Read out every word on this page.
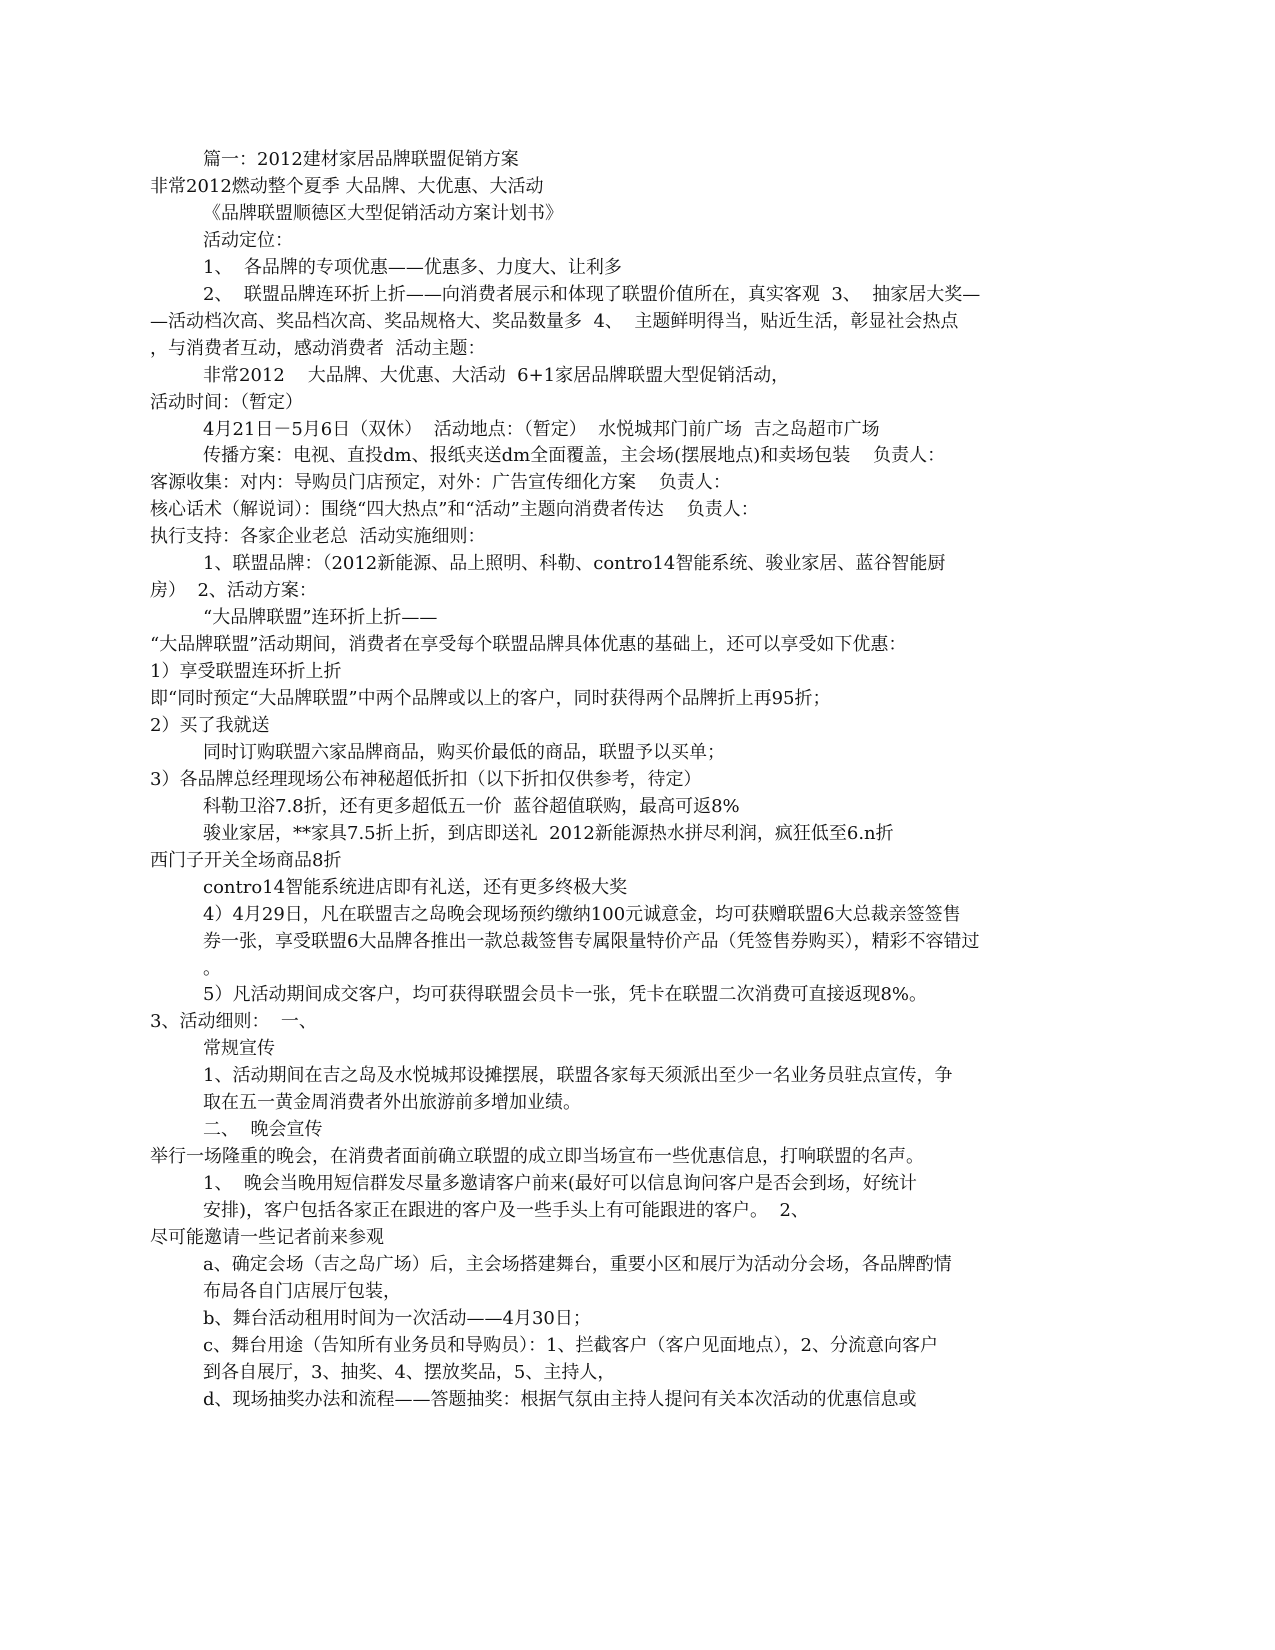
篇一：2012建材家居品牌联盟促销方案
非常2012燃动整个夏季 大品牌、大优惠、大活动
《品牌联盟顺德区大型促销活动方案计划书》
活动定位：
1、  各品牌的专项优惠——优惠多、力度大、让利多
2、  联盟品牌连环折上折——向消费者展示和体现了联盟价值所在，真实客观  3、  抽家居大奖—
—活动档次高、奖品档次高、奖品规格大、奖品数量多  4、  主题鲜明得当，贴近生活，彰显社会热点
，与消费者互动，感动消费者  活动主题：
非常2012    大品牌、大优惠、大活动  6+1家居品牌联盟大型促销活动，
活动时间：（暂定）
4月21日－5月6日（双休）  活动地点：（暂定）  水悦城邦门前广场  吉之岛超市广场
传播方案：电视、直投dm、报纸夹送dm全面覆盖，主会场(摆展地点)和卖场包装    负责人：
客源收集：对内：导购员门店预定，对外：广告宣传细化方案    负责人：
核心话术（解说词）：围绕“四大热点”和“活动”主题向消费者传达    负责人：
执行支持：各家企业老总  活动实施细则：
1、联盟品牌：（2012新能源、品上照明、科勒、contro14智能系统、骏业家居、蓝谷智能厨
房）  2、活动方案：
“大品牌联盟”连环折上折——
“大品牌联盟”活动期间，消费者在享受每个联盟品牌具体优惠的基础上，还可以享受如下优惠：
1）享受联盟连环折上折
即“同时预定“大品牌联盟”中两个品牌或以上的客户，同时获得两个品牌折上再95折；
2）买了我就送
同时订购联盟六家品牌商品，购买价最低的商品，联盟予以买单；
3）各品牌总经理现场公布神秘超低折扣（以下折扣仅供参考，待定）
科勒卫浴7.8折，还有更多超低五一价  蓝谷超值联购，最高可返8%
骏业家居，**家具7.5折上折，到店即送礼  2012新能源热水拼尽利润，疯狂低至6.n折
西门子开关全场商品8折
contro14智能系统进店即有礼送，还有更多终极大奖
4）4月29日，凡在联盟吉之岛晚会现场预约缴纳100元诚意金，均可获赠联盟6大总裁亲签签售
券一张，享受联盟6大品牌各推出一款总裁签售专属限量特价产品（凭签售券购买），精彩不容错过
。
5）凡活动期间成交客户，均可获得联盟会员卡一张，凭卡在联盟二次消费可直接返现8%。
3、活动细则：  一、
常规宣传
1、活动期间在吉之岛及水悦城邦设摊摆展，联盟各家每天须派出至少一名业务员驻点宣传，争
取在五一黄金周消费者外出旅游前多增加业绩。
二、  晚会宣传
举行一场隆重的晚会，在消费者面前确立联盟的成立即当场宣布一些优惠信息，打响联盟的名声。
1、  晚会当晚用短信群发尽量多邀请客户前来(最好可以信息询问客户是否会到场，好统计
安排)，客户包括各家正在跟进的客户及一些手头上有可能跟进的客户。  2、
尽可能邀请一些记者前来参观
a、确定会场（吉之岛广场）后，主会场搭建舞台，重要小区和展厅为活动分会场，各品牌酌情
布局各自门店展厅包装，
b、舞台活动租用时间为一次活动——4月30日；
c、舞台用途（告知所有业务员和导购员）：1、拦截客户（客户见面地点），2、分流意向客户
到各自展厅，3、抽奖、4、摆放奖品，5、主持人，
d、现场抽奖办法和流程——答题抽奖：根据气氛由主持人提问有关本次活动的优惠信息或
